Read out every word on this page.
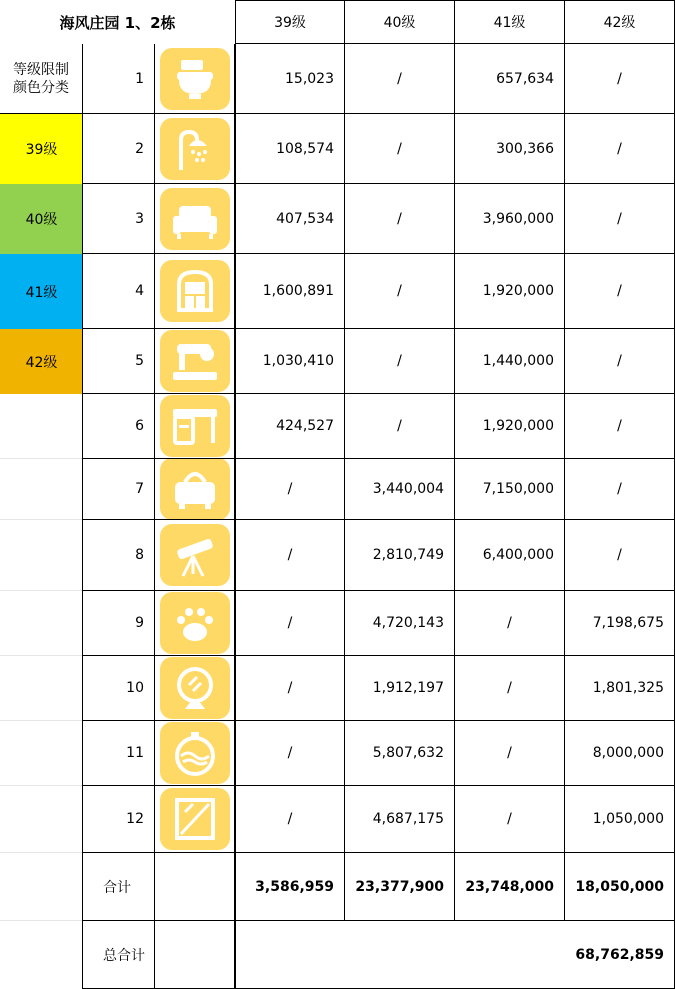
海风庄园 1、2栋	39级	40级	41级	42级
等级限制
颜色分类
39级
40级
41级
42级
1	15,023	/	657,634	/
2	108,574	/	300,366	/
3	407,534	/	3,960,000	/
4	1,600,891	/	1,920,000	/
5	1,030,410	/	1,440,000	/
6	424,527	/	1,920,000	/
7	/	3,440,004	7,150,000	/
8	/	2,810,749	6,400,000	/
9	/	4,720,143	/	7,198,675
10	/	1,912,197	/	1,801,325
11	/	5,807,632	/	8,000,000
12	/	4,687,175	/	1,050,000
合计	3,586,959	23,377,900	23,748,000	18,050,000
总合计	68,762,859
